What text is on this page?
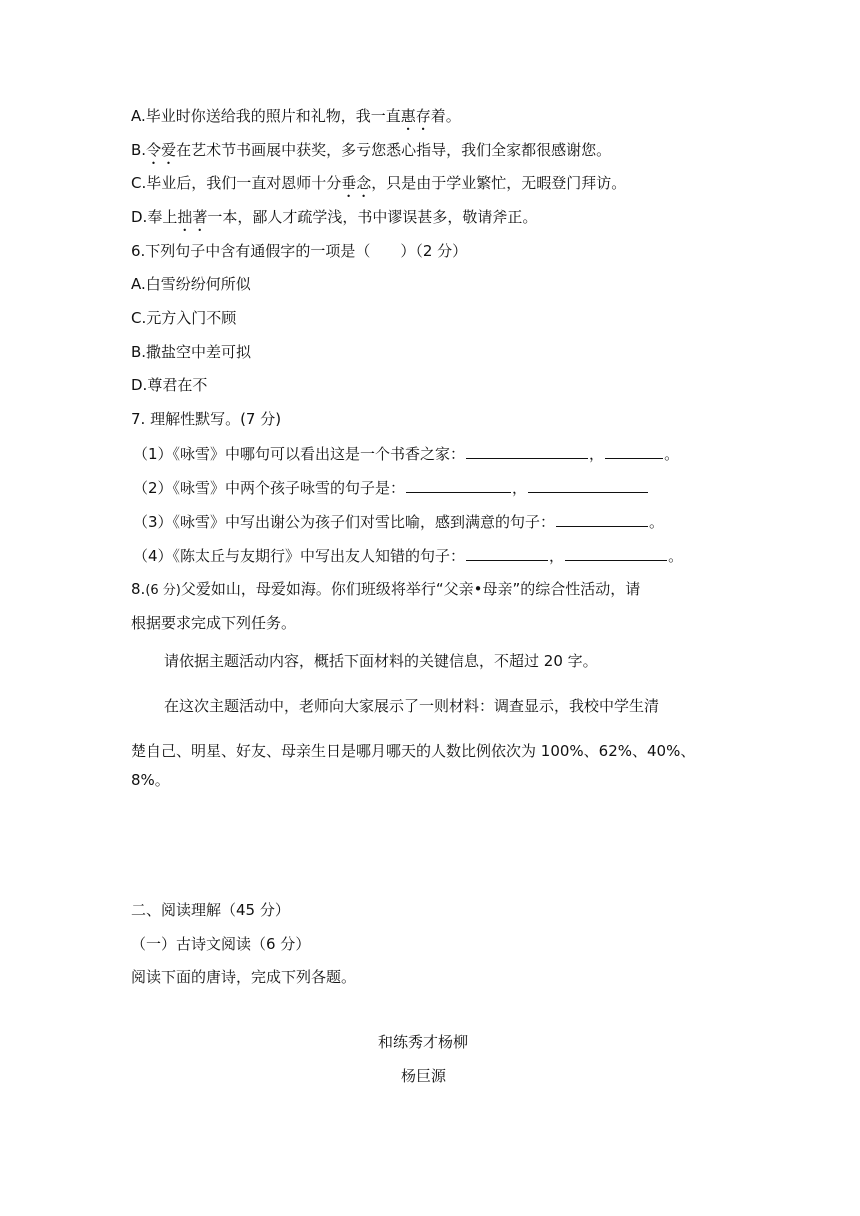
A.毕业时你送给我的照片和礼物，我一直惠存着。
B.令爱在艺术节书画展中获奖，多亏您悉心指导，我们全家都很感谢您。
C.毕业后，我们一直对恩师十分垂念，只是由于学业繁忙，无暇登门拜访。
D.奉上拙著一本，鄙人才疏学浅，书中谬误甚多，敬请斧正。
6.下列句子中含有通假字的一项是（　　）（2 分）
A.白雪纷纷何所似
C.元方入门不顾
B.撒盐空中差可拟
D.尊君在不
7. 理解性默写。(7 分)
（1）《咏雪》中哪句可以看出这是一个书香之家：	，	。
（2）《咏雪》中两个孩子咏雪的句子是：	，
（3）《咏雪》中写出谢公为孩子们对雪比喻，感到满意的句子：	。
（4）《陈太丘与友期行》中写出友人知错的句子：	，	。
8.(6 分)父爱如山，母爱如海。你们班级将举行“父亲•母亲”的综合性活动，请
根据要求完成下列任务。
请依据主题活动内容，概括下面材料的关键信息，不超过 20 字。
在这次主题活动中，老师向大家展示了一则材料：调查显示，我校中学生清
楚自己、明星、好友、母亲生日是哪月哪天的人数比例依次为 100%、62%、40%、
8%。
二、阅读理解（45 分）
（一）古诗文阅读（6 分）
阅读下面的唐诗，完成下列各题。
和练秀才杨柳
杨巨源
